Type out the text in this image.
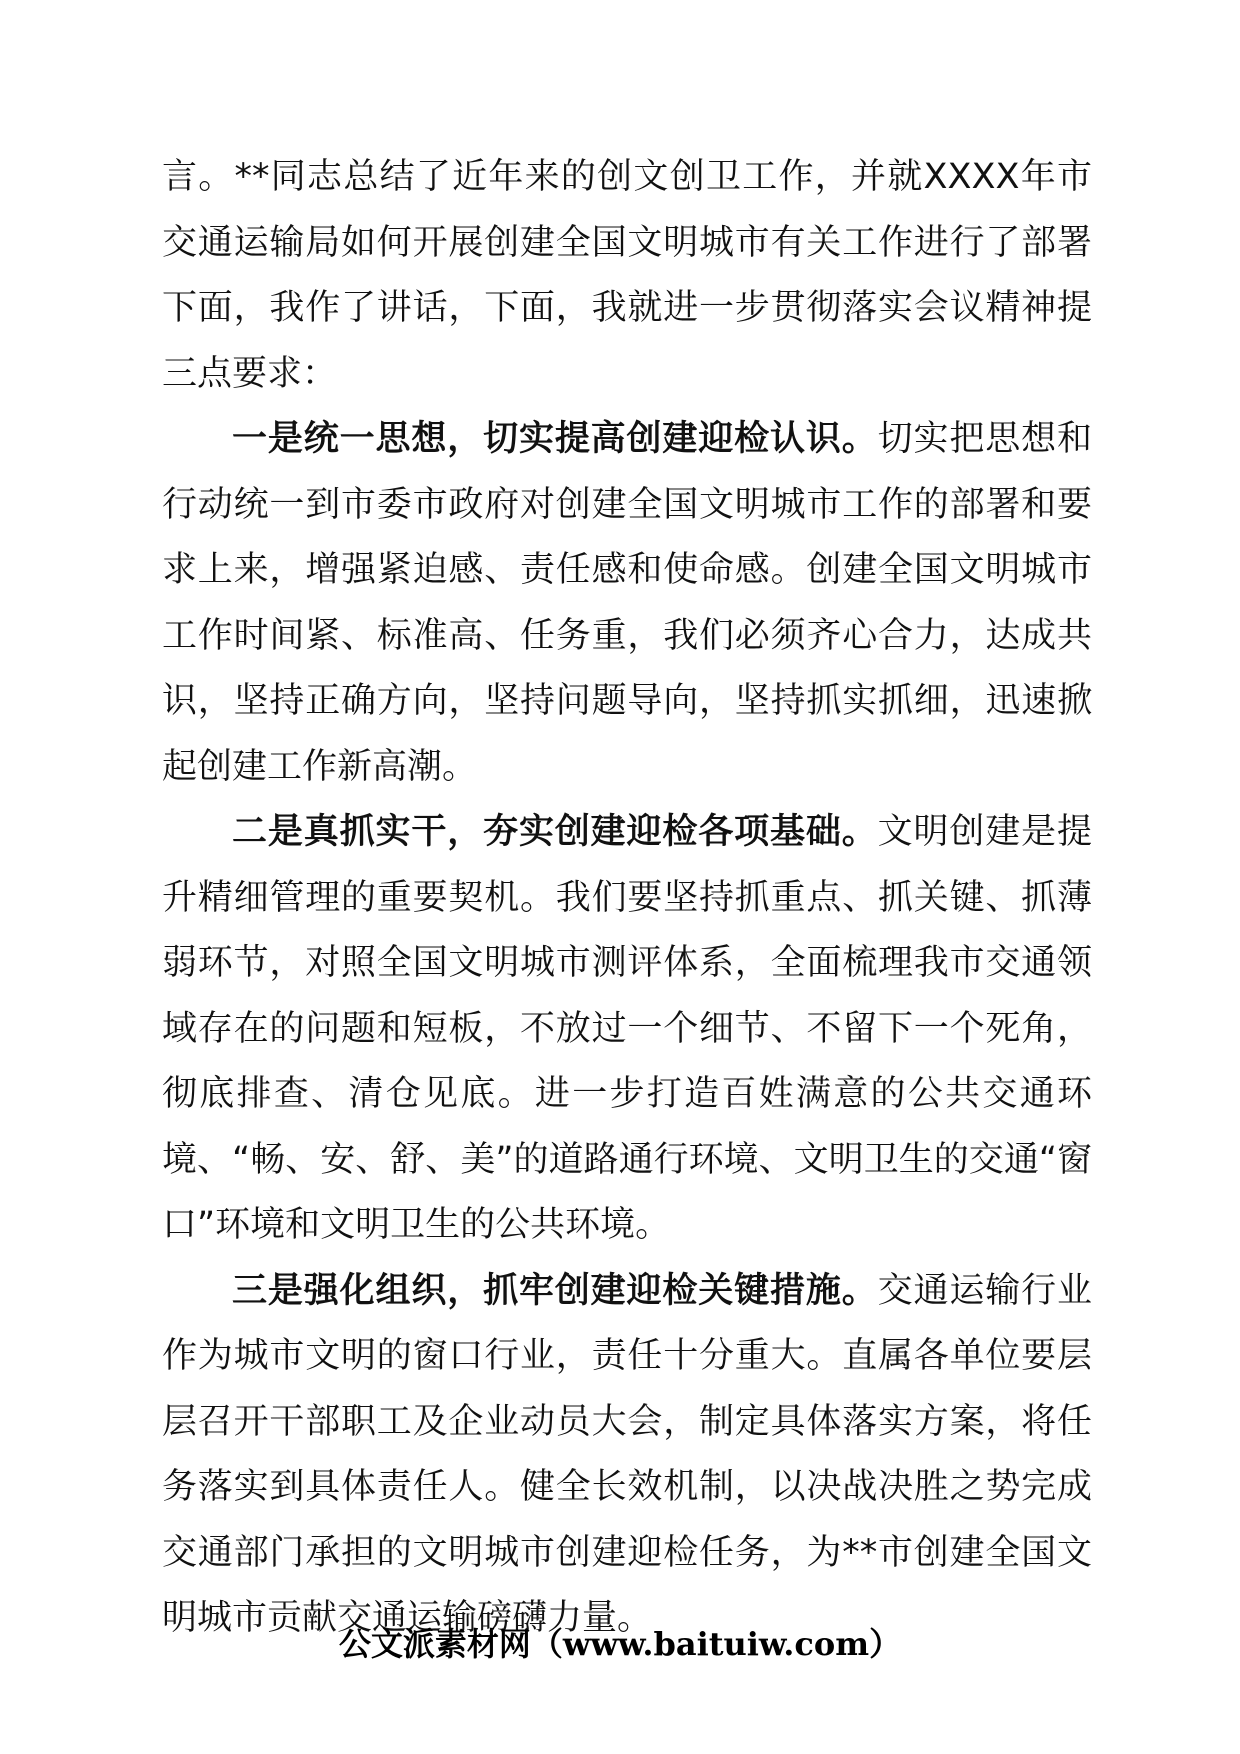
言。**同志总结了近年来的创文创卫工作，并就XXXX年市交通运输局如何开展创建全国文明城市有关工作进行了部署下面，我作了讲话，下面，我就进一步贯彻落实会议精神提三点要求：

一是统一思想，切实提高创建迎检认识。切实把思想和行动统一到市委市政府对创建全国文明城市工作的部署和要求上来，增强紧迫感、责任感和使命感。创建全国文明城市工作时间紧、标准高、任务重，我们必须齐心合力，达成共识，坚持正确方向，坚持问题导向，坚持抓实抓细，迅速掀起创建工作新高潮。

二是真抓实干，夯实创建迎检各项基础。文明创建是提升精细管理的重要契机。我们要坚持抓重点、抓关键、抓薄弱环节，对照全国文明城市测评体系，全面梳理我市交通领域存在的问题和短板，不放过一个细节、不留下一个死角，彻底排查、清仓见底。进一步打造百姓满意的公共交通环境、“畅、安、舒、美”的道路通行环境、文明卫生的交通“窗口”环境和文明卫生的公共环境。

三是强化组织，抓牢创建迎检关键措施。交通运输行业作为城市文明的窗口行业，责任十分重大。直属各单位要层层召开干部职工及企业动员大会，制定具体落实方案，将任务落实到具体责任人。健全长效机制，以决战决胜之势完成交通部门承担的文明城市创建迎检任务，为**市创建全国文明城市贡献交通运输磅礴力量。

公文派素材网（www.baituiw.com）
